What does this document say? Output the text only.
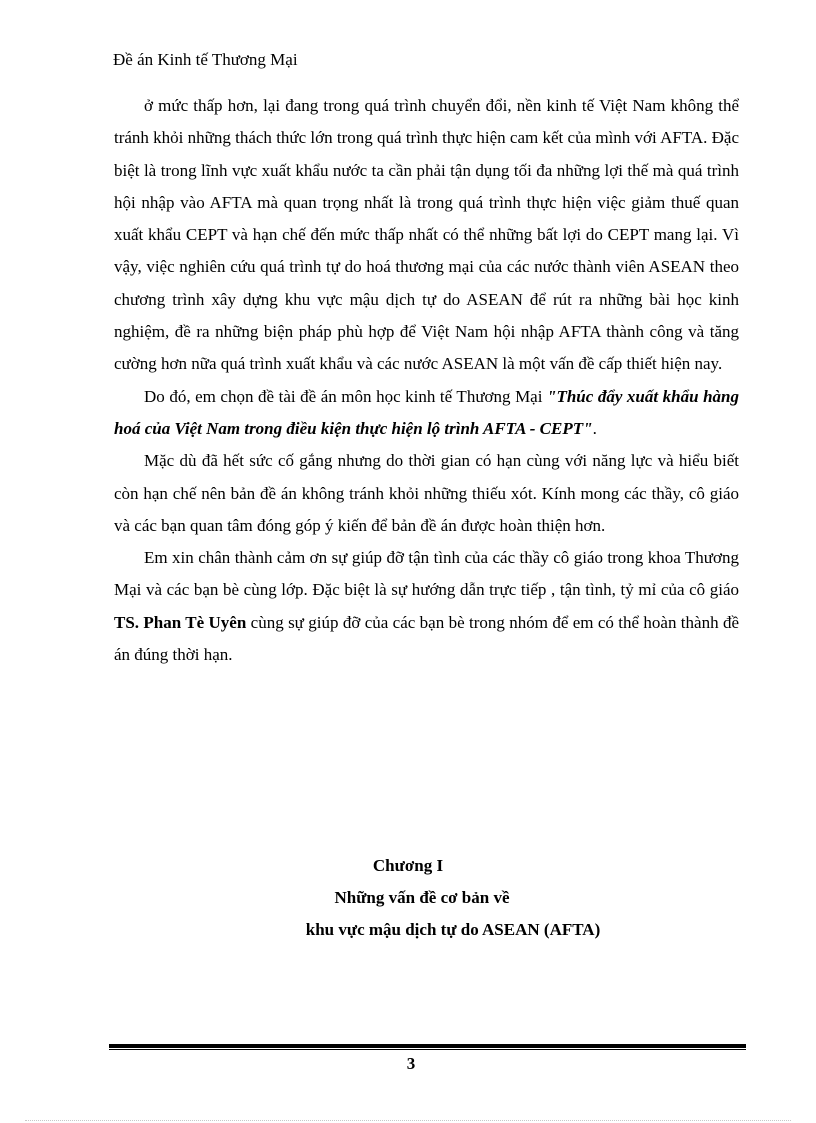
Đề án Kinh tế Thương Mại

ở mức thấp hơn, lại đang trong quá trình chuyển đổi, nền kinh tế Việt Nam không thể tránh khỏi những thách thức lớn trong quá trình thực hiện cam kết của mình với AFTA. Đặc biệt là trong lĩnh vực xuất khẩu nước ta cần phải tận dụng tối đa những lợi thế mà quá trình hội nhập vào AFTA mà quan trọng nhất là trong quá trình thực hiện việc giảm thuế quan xuất khẩu CEPT và hạn chế đến mức thấp nhất có thể những bất lợi do CEPT mang lại. Vì vậy, việc nghiên cứu quá trình tự do hoá thương mại của các nước thành viên ASEAN theo chương trình xây dựng khu vực mậu dịch tự do ASEAN để rút ra những bài học kinh nghiệm, đề ra những biện pháp phù hợp để Việt Nam hội nhập AFTA thành công và tăng cường hơn nữa quá trình xuất khẩu và các nước ASEAN là một vấn đề cấp thiết hiện nay.

Do đó, em chọn đề tài đề án môn học kinh tế Thương Mại "Thúc đẩy xuất khẩu hàng hoá của Việt Nam trong điều kiện thực hiện lộ trình AFTA - CEPT".

Mặc dù đã hết sức cố gắng nhưng do thời gian có hạn cùng với năng lực và hiểu biết còn hạn chế nên bản đề án không tránh khỏi những thiếu xót. Kính mong các thầy, cô giáo và các bạn quan tâm đóng góp ý kiến để bản đề án được hoàn thiện hơn.

Em xin chân thành cảm ơn sự giúp đỡ tận tình của các thầy cô giáo trong khoa Thương Mại và các bạn bè cùng lớp. Đặc biệt là sự hướng dẫn trực tiếp , tận tình, tỷ mỉ của cô giáo TS. Phan Tè Uyên cùng sự giúp đỡ của các bạn bè trong nhóm để em có thể hoàn thành đề án đúng thời hạn.

Chương I
Những vấn đề cơ bản về
khu vực mậu dịch tự do ASEAN (AFTA)
3
